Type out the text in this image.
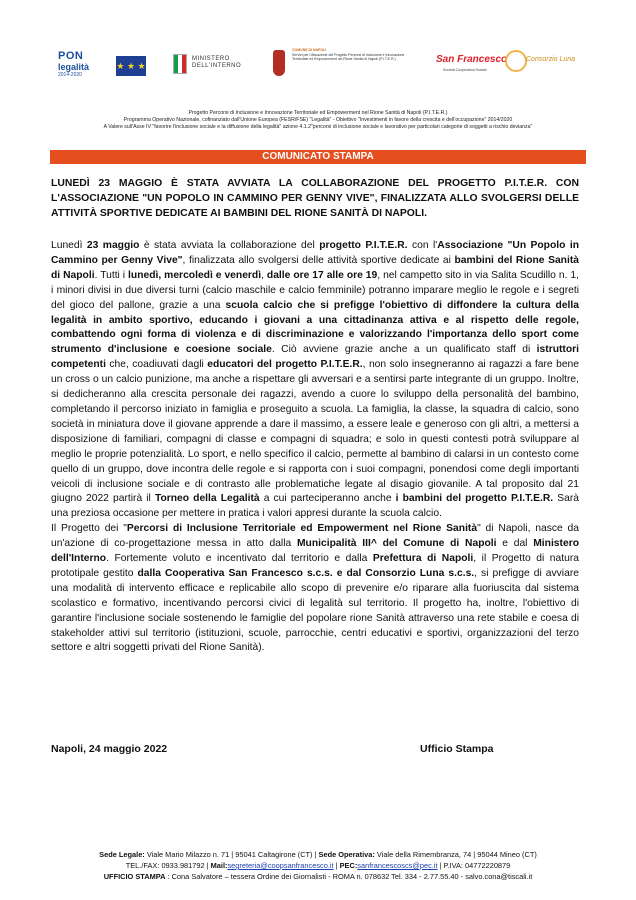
PON
legalità
2014-2020
★ ★ ★
MINISTERO
DELL'INTERNO
COMUNE DI NAPOLI
Servizi per l'Attuazione del Progetto Percorsi di Inclusione e Innovazione Territoriale ed Empowerment nel Rione Sanità di Napoli (P.I.T.E.R.)	San Francesco
Società Cooperativa Sociale
Consorzio Luna
Progetto Percorsi di Inclusione e Innovazione Territoriale ed Empowerment nel Rione Sanità di Napoli (P.I.T.E.R.)
Programma Operativo Nazionale, cofinanziato dall'Unione Europea (FESR/FSE) "Legalità" - Obiettivo "Investimenti in favore della crescita e dell'occupazione" 2014/2020
A Valere sull'Asse IV "favorire l'inclusione sociale e la diffusione della legalità" azione 4.1.2"percorsi di inclusione sociale e lavorativo per particolari categorie di soggetti a rischio devianza"
COMUNICATO STAMPA
LUNEDÌ 23 MAGGIO È STATA AVVIATA LA COLLABORAZIONE DEL PROGETTO P.I.T.E.R. CON L'ASSOCIAZIONE "UN POPOLO IN CAMMINO PER GENNY VIVE", FINALIZZATA ALLO SVOLGERSI DELLE ATTIVITÀ SPORTIVE DEDICATE AI BAMBINI DEL RIONE SANITÀ DI NAPOLI.

Lunedì 23 maggio è stata avviata la collaborazione del progetto P.I.T.E.R. con l'Associazione "Un Popolo in Cammino per Genny Vive", finalizzata allo svolgersi delle attività sportive dedicate ai bambini del Rione Sanità di Napoli. Tutti i lunedì, mercoledì e venerdì, dalle ore 17 alle ore 19, nel campetto sito in via Salita Scudillo n. 1, i minori divisi in due diversi turni (calcio maschile e calcio femminile) potranno imparare meglio le regole e i segreti del gioco del pallone, grazie a una scuola calcio che si prefigge l'obiettivo di diffondere la cultura della legalità in ambito sportivo, educando i giovani a una cittadinanza attiva e al rispetto delle regole, combattendo ogni forma di violenza e di discriminazione e valorizzando l'importanza dello sport come strumento d'inclusione e coesione sociale. Ciò avviene grazie anche a un qualificato staff di istruttori competenti che, coadiuvati dagli educatori del progetto P.I.T.E.R., non solo insegneranno ai ragazzi a fare bene un cross o un calcio punizione, ma anche a rispettare gli avversari e a sentirsi parte integrante di un gruppo. Inoltre, si dedicheranno alla crescita personale dei ragazzi, avendo a cuore lo sviluppo della personalità del bambino, completando il percorso iniziato in famiglia e proseguito a scuola. La famiglia, la classe, la squadra di calcio, sono società in miniatura dove il giovane apprende a dare il massimo, a essere leale e generoso con gli altri, a mettersi a disposizione di familiari, compagni di classe e compagni di squadra; e solo in questi contesti potrà sviluppare al meglio le proprie potenzialità. Lo sport, e nello specifico il calcio, permette al bambino di calarsi in un contesto come quello di un gruppo, dove incontra delle regole e si rapporta con i suoi compagni, ponendosi come degli importanti veicoli di inclusione sociale e di contrasto alle problematiche legate al disagio giovanile. A tal proposito dal 21 giugno 2022 partirà il Torneo della Legalità a cui parteciperanno anche i bambini del progetto P.I.T.E.R. Sarà una preziosa occasione per mettere in pratica i valori appresi durante la scuola calcio.

Il Progetto dei "Percorsi di Inclusione Territoriale ed Empowerment nel Rione Sanità" di Napoli, nasce da un'azione di co-progettazione messa in atto dalla Municipalità III^ del Comune di Napoli e dal Ministero dell'Interno. Fortemente voluto e incentivato dal territorio e dalla Prefettura di Napoli, il Progetto di natura prototipale gestito dalla Cooperativa San Francesco s.c.s. e dal Consorzio Luna s.c.s., si prefigge di avviare una modalità di intervento efficace e replicabile allo scopo di prevenire e/o riparare alla fuoriuscita dal sistema scolastico e formativo, incentivando percorsi civici di legalità sul territorio. Il progetto ha, inoltre, l'obiettivo di garantire l'inclusione sociale sostenendo le famiglie del popolare rione Sanità attraverso una rete stabile e coesa di stakeholder attivi sul territorio (istituzioni, scuole, parrocchie, centri educativi e sportivi, organizzazioni del terzo settore e altri soggetti privati del Rione Sanità).

Napoli, 24 maggio 2022	Ufficio Stampa
Sede Legale: Viale Mario Milazzo n. 71 | 95041 Caltagirone (CT) | Sede Operativa: Viale della Rimembranza, 74 | 95044 Mineo (CT)
TEL./FAX: 0933.981792 | Mail:segreteria@coopsanfrancesco.it | PEC:sanfrancescoscs@pec.it | P.IVA: 04772220879
UFFICIO STAMPA : Cona Salvatore – tessera Ordine dei Giornalisti - ROMA n. 078632 Tel. 334 - 2.77.55.40 - salvo.cona@tiscali.it
